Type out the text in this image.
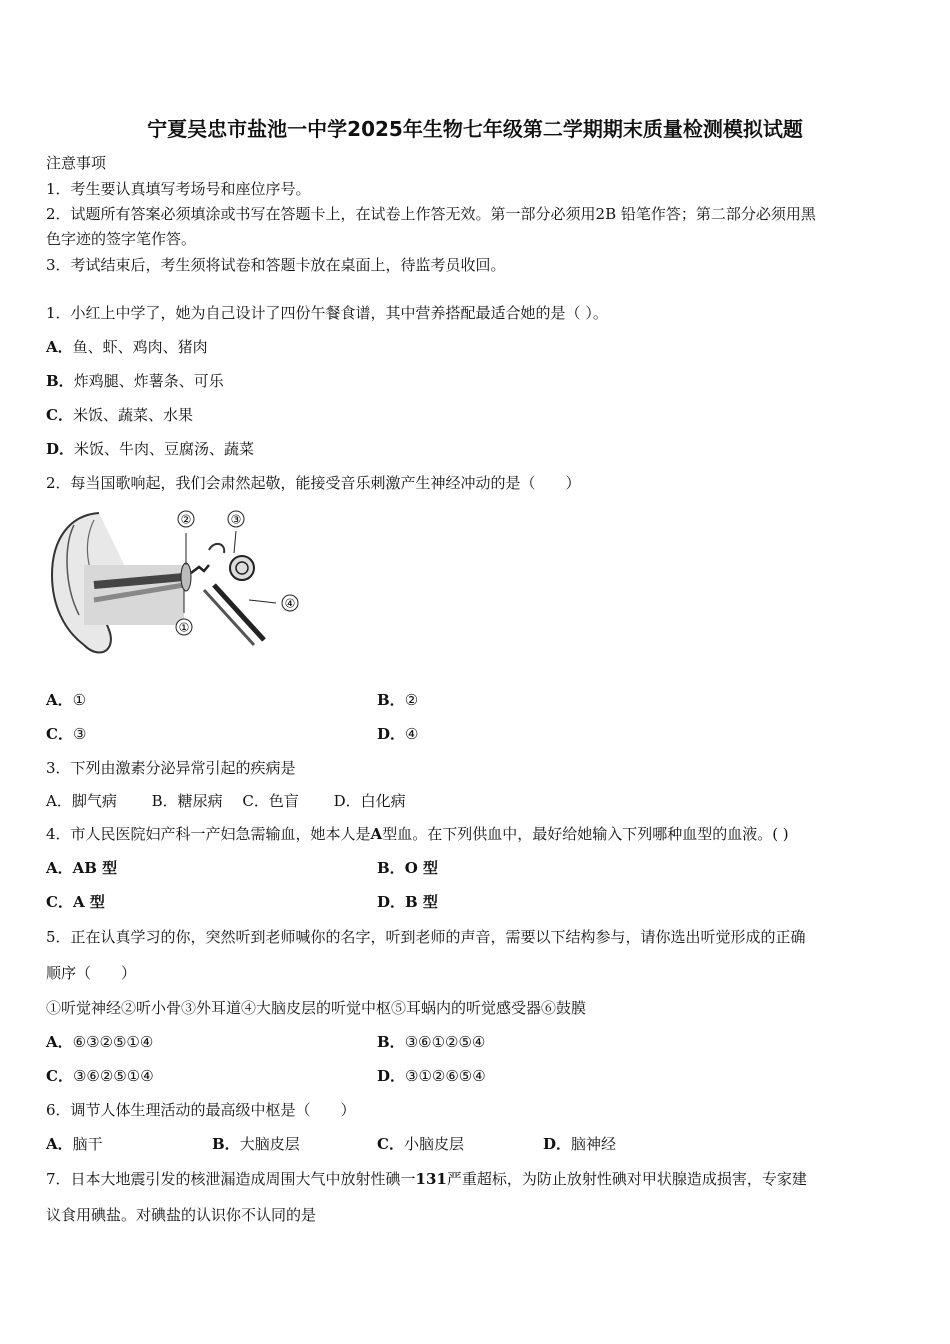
宁夏吴忠市盐池一中学2025年生物七年级第二学期期末质量检测模拟试题
注意事项
1．考生要认真填写考场号和座位序号。
2．试题所有答案必须填涂或书写在答题卡上，在试卷上作答无效。第一部分必须用2B 铅笔作答；第二部分必须用黑
色字迹的签字笔作答。
3．考试结束后，考生须将试卷和答题卡放在桌面上，待监考员收回。
1．小红上中学了，她为自己设计了四份午餐食谱，其中营养搭配最适合她的是（ ）。
A．鱼、虾、鸡肉、猪肉
B．炸鸡腿、炸薯条、可乐
C．米饭、蔬菜、水果
D．米饭、牛肉、豆腐汤、蔬菜
2．每当国歌响起，我们会肃然起敬，能接受音乐刺激产生神经冲动的是（　　）
②	③
④
①
A．①	B．②
C．③	D．④
3．下列由激素分泌异常引起的疾病是
A．脚气病　　 B．糖尿病　 C．色盲　　 D．白化病
4．市人民医院妇产科一产妇急需输血，她本人是A型血。在下列供血中，最好给她输入下列哪种血型的血液。( )
A．AB 型	B．O 型
C．A 型	D．B 型
5．正在认真学习的你，突然听到老师喊你的名字，听到老师的声音，需要以下结构参与，请你选出听觉形成的正确
顺序（　　）
①听觉神经②听小骨③外耳道④大脑皮层的听觉中枢⑤耳蜗内的听觉感受器⑥鼓膜
A．⑥③②⑤①④	B．③⑥①②⑤④
C．③⑥②⑤①④	D．③①②⑥⑤④
6．调节人体生理活动的最高级中枢是（　　）
A．脑干	B．大脑皮层	C．小脑皮层	D．脑神经
7．日本大地震引发的核泄漏造成周围大气中放射性碘一131严重超标，为防止放射性碘对甲状腺造成损害，专家建
议食用碘盐。对碘盐的认识你不认同的是
